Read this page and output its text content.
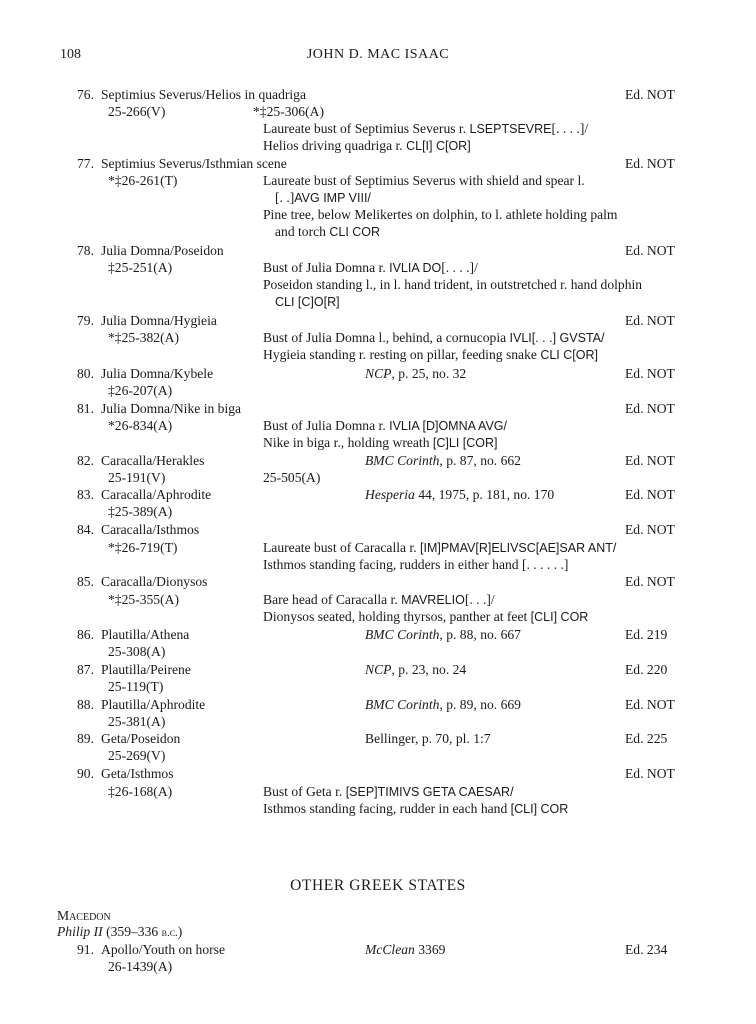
108	JOHN D. MAC ISAAC
76. Septimius Severus/Helios in quadriga	Ed. NOT
25-266(V)	*‡25-306(A)
Laureate bust of Septimius Severus r. LSEPTSEVRE[. . . .]/
Helios driving quadriga r. CL[I] C[OR]
77. Septimius Severus/Isthmian scene	Ed. NOT
*‡26-261(T)	Laureate bust of Septimius Severus with shield and spear l.
[. .]AVG IMP VIII/
Pine tree, below Melikertes on dolphin, to l. athlete holding palm
and torch CLI COR
78. Julia Domna/Poseidon	Ed. NOT
‡25-251(A)	Bust of Julia Domna r. IVLIA DO[. . . .]/
Poseidon standing l., in l. hand trident, in outstretched r. hand dolphin
CLI [C]O[R]
79. Julia Domna/Hygieia	Ed. NOT
*‡25-382(A)	Bust of Julia Domna l., behind, a cornucopia IVLI[. . .] GVSTA/
Hygieia standing r. resting on pillar, feeding snake CLI C[OR]
80. Julia Domna/Kybele	NCP, p. 25, no. 32	Ed. NOT
‡26-207(A)
81. Julia Domna/Nike in biga	Ed. NOT
*26-834(A)	Bust of Julia Domna r. IVLIA [D]OMNA AVG/
Nike in biga r., holding wreath [C]LI [COR]
82. Caracalla/Herakles	BMC Corinth, p. 87, no. 662	Ed. NOT
25-191(V)	25-505(A)
83. Caracalla/Aphrodite	Hesperia 44, 1975, p. 181, no. 170	Ed. NOT
‡25-389(A)
84. Caracalla/Isthmos	Ed. NOT
*‡26-719(T)	Laureate bust of Caracalla r. [IM]PMAV[R]ELIVSC[AE]SAR ANT/
Isthmos standing facing, rudders in either hand [. . . . . .]
85. Caracalla/Dionysos	Ed. NOT
*‡25-355(A)	Bare head of Caracalla r. MAVRELIO[. . .]/
Dionysos seated, holding thyrsos, panther at feet [CLI] COR
86. Plautilla/Athena	BMC Corinth, p. 88, no. 667	Ed. 219
25-308(A)
87. Plautilla/Peirene	NCP, p. 23, no. 24	Ed. 220
25-119(T)
88. Plautilla/Aphrodite	BMC Corinth, p. 89, no. 669	Ed. NOT
25-381(A)
89. Geta/Poseidon	Bellinger, p. 70, pl. 1:7	Ed. 225
25-269(V)
90. Geta/Isthmos	Ed. NOT
‡26-168(A)	Bust of Geta r. [SEP]TIMIVS GETA CAESAR/
Isthmos standing facing, rudder in each hand [CLI] COR
OTHER GREEK STATES
Macedon
Philip II (359–336 b.c.)
91. Apollo/Youth on horse	McClean 3369	Ed. 234
26-1439(A)
